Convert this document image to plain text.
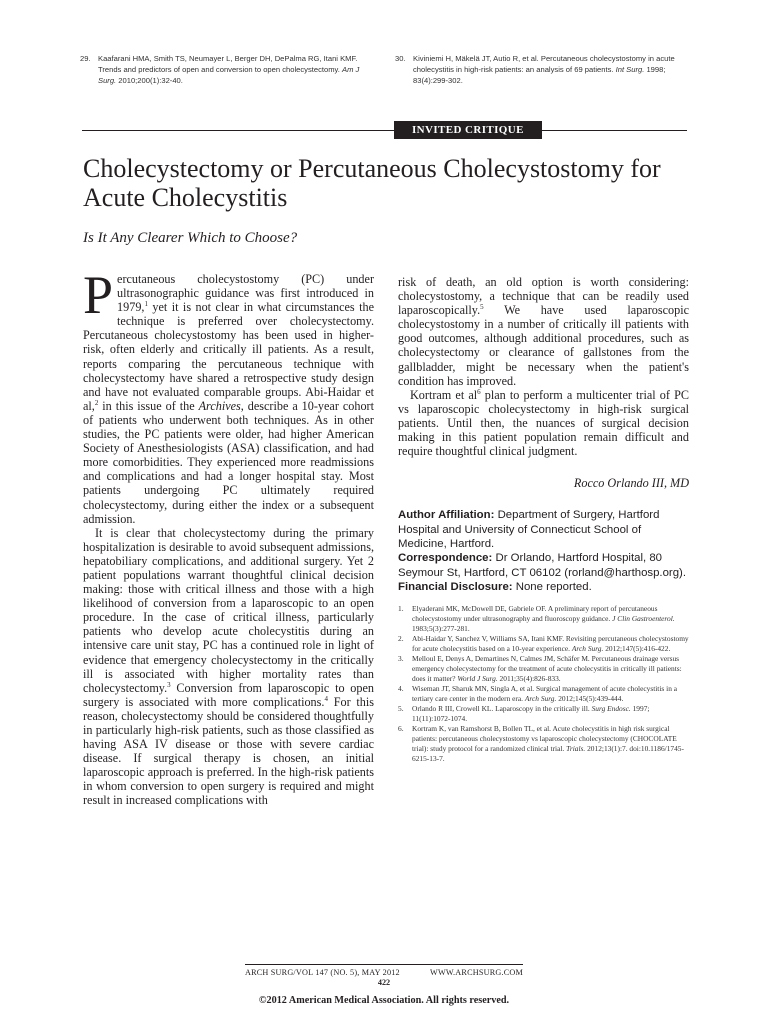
29. Kaafarani HMA, Smith TS, Neumayer L, Berger DH, DePalma RG, Itani KMF. Trends and predictors of open and conversion to open cholecystectomy. Am J Surg. 2010;200(1):32-40.
30. Kiviniemi H, Mäkelä JT, Autio R, et al. Percutaneous cholecystostomy in acute cholecystitis in high-risk patients: an analysis of 69 patients. Int Surg. 1998; 83(4):299-302.
INVITED CRITIQUE
Cholecystectomy or Percutaneous Cholecystostomy for Acute Cholecystitis
Is It Any Clearer Which to Choose?

Percutaneous cholecystostomy (PC) under ultrasonographic guidance was first introduced in 1979,$^1$ yet it is not clear in what circumstances the technique is preferred over cholecystectomy. Percutaneous cholecystostomy has been used in higher-risk, often elderly and critically ill patients. As a result, reports comparing the percutaneous technique with cholecystectomy have shared a retrospective study design and have not evaluated comparable groups. Abi-Haidar et al,$^2$ in this issue of the Archives, describe a 10-year cohort of patients who underwent both techniques. As in other studies, the PC patients were older, had higher American Society of Anesthesiologists (ASA) classification, and had more comorbidities. They experienced more readmissions and complications and had a longer hospital stay. Most patients undergoing PC ultimately required cholecystectomy, during either the index or a subsequent admission.

It is clear that cholecystectomy during the primary hospitalization is desirable to avoid subsequent admissions, hepatobiliary complications, and additional surgery. Yet 2 patient populations warrant thoughtful clinical decision making: those with critical illness and those with a high likelihood of conversion from a laparoscopic to an open procedure. In the case of critical illness, particularly patients who develop acute cholecystitis during an intensive care unit stay, PC has a continued role in light of evidence that emergency cholecystectomy in the critically ill is associated with higher mortality rates than cholecystectomy.$^3$ Conversion from laparoscopic to open surgery is associated with more complications.$^4$ For this reason, cholecystectomy should be considered thoughtfully in particularly high-risk patients, such as those classified as having ASA IV disease or those with severe cardiac disease. If surgical therapy is chosen, an initial laparoscopic approach is preferred. In the high-risk patients in whom conversion to open surgery is required and might result in increased complications with

risk of death, an old option is worth considering: cholecystostomy, a technique that can be readily used laparoscopically.$^5$ We have used laparoscopic cholecystostomy in a number of critically ill patients with good outcomes, although additional procedures, such as cholecystectomy or clearance of gallstones from the gallbladder, might be necessary when the patient's condition has improved.

Kortram et $al^6$ plan to perform a multicenter trial of PC vs laparoscopic cholecystectomy in high-risk surgical patients. Until then, the nuances of surgical decision making in this patient population remain difficult and require thoughtful clinical judgment.

Rocco Orlando III, MD

Author Affiliation: Department of Surgery, Hartford Hospital and University of Connecticut School of Medicine, Hartford.

Correspondence: Dr Orlando, Hartford Hospital, 80 Seymour St, Hartford, CT 06102 (rorland@harthosp.org).

Financial Disclosure: None reported.

1.	Elyaderani MK, McDowell DE, Gabriele OF. A preliminary report of percutaneous cholecystostomy under ultrasonography and fluoroscopy guidance. J Clin Gastroenterol. 1983;5(3):277-281.
2.	Abi-Haidar Y, Sanchez V, Williams SA, Itani KMF. Revisiting percutaneous cholecystostomy for acute cholecystitis based on a 10-year experience. Arch Surg. 2012;147(5):416-422.
3.	Melloul E, Denys A, Demartines N, Calmes JM, Schäfer M. Percutaneous drainage versus emergency cholecystectomy for the treatment of acute cholecystitis in critically ill patients: does it matter? World J Surg. 2011;35(4):826-833.
4.	Wiseman JT, Sharuk MN, Singla A, et al. Surgical management of acute cholecystitis in a tertiary care center in the modern era. Arch Surg. 2012;145(5):439-444.
5.	Orlando R III, Crowell KL. Laparoscopy in the critically ill. Surg Endosc. 1997; 11(11):1072-1074.
6.	Kortram K, van Ramshorst B, Bollen TL, et al. Acute cholecystitis in high risk surgical patients: percutaneous cholecystostomy vs laparoscopic cholecystectomy (CHOCOLATE trial): study protocol for a randomized clinical trial. Trials. 2012;13(1):7. doi:10.1186/1745-6215-13-7.
ARCH SURG/VOL 147 (NO. 5), MAY 2012	WWW.ARCHSURG.COM
422
©2012 American Medical Association. All rights reserved.
